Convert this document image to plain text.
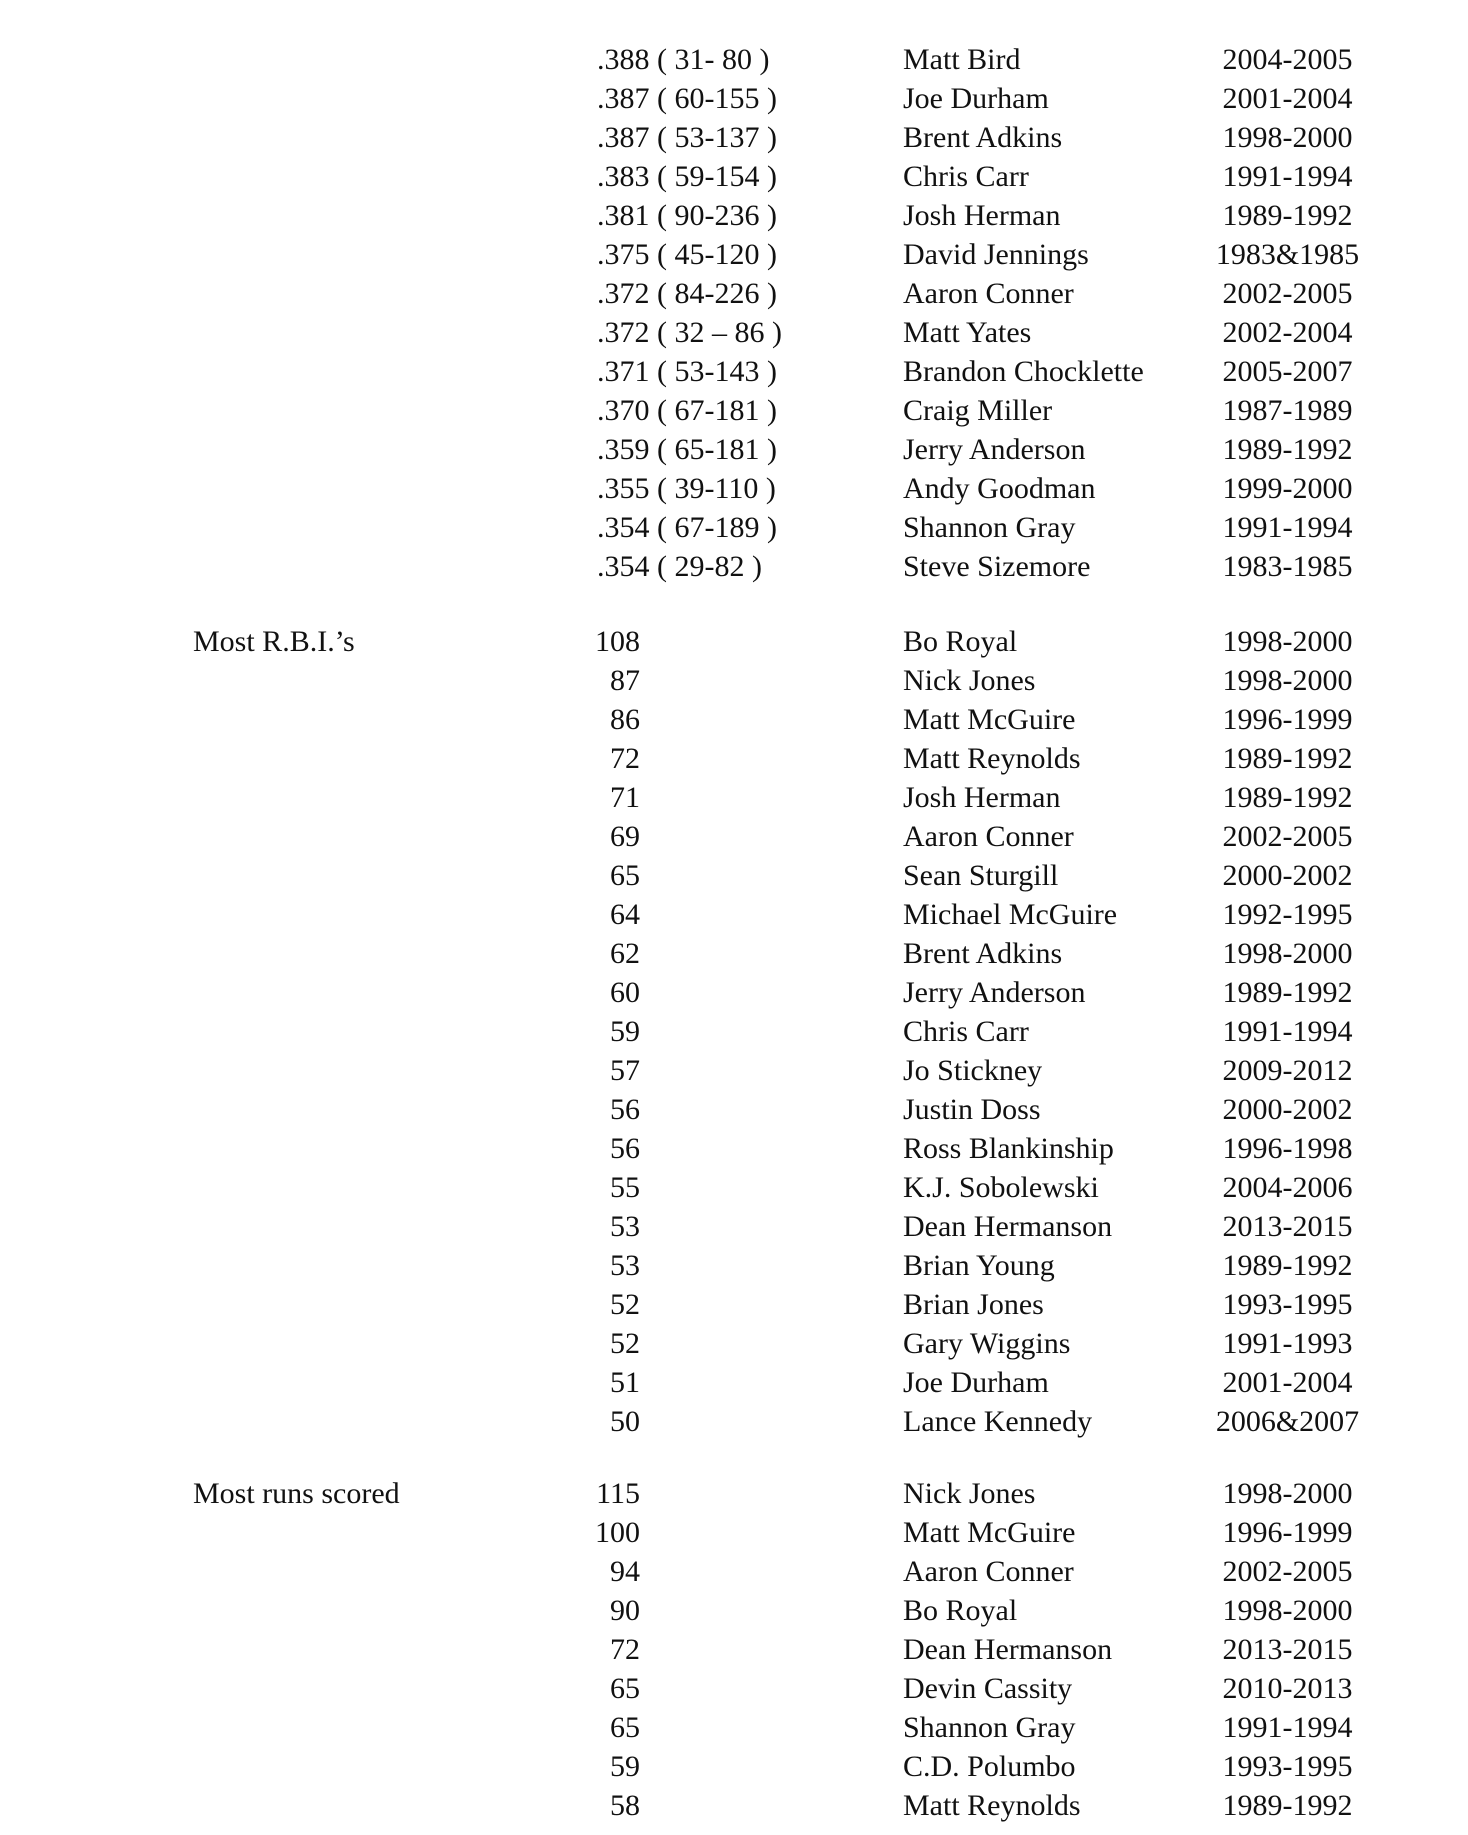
.388 ( 31- 80 )	Matt Bird	2004-2005
.387 ( 60-155 )	Joe Durham	2001-2004
.387 ( 53-137 )	Brent Adkins	1998-2000
.383 ( 59-154 )	Chris Carr	1991-1994
.381 ( 90-236 )	Josh Herman	1989-1992
.375 ( 45-120 )	David Jennings	1983&1985
.372 ( 84-226 )	Aaron Conner	2002-2005
.372 ( 32 – 86 )	Matt Yates	2002-2004
.371 ( 53-143 )	Brandon Chocklette	2005-2007
.370 ( 67-181 )	Craig Miller	1987-1989
.359 ( 65-181 )	Jerry Anderson	1989-1992
.355 ( 39-110 )	Andy Goodman	1999-2000
.354 ( 67-189 )	Shannon Gray	1991-1994
.354 ( 29-82 )	Steve Sizemore	1983-1985
Most R.B.I.’s	108	Bo Royal	1998-2000
87	Nick Jones	1998-2000
86	Matt McGuire	1996-1999
72	Matt Reynolds	1989-1992
71	Josh Herman	1989-1992
69	Aaron Conner	2002-2005
65	Sean Sturgill	2000-2002
64	Michael McGuire	1992-1995
62	Brent Adkins	1998-2000
60	Jerry Anderson	1989-1992
59	Chris Carr	1991-1994
57	Jo Stickney	2009-2012
56	Justin Doss	2000-2002
56	Ross Blankinship	1996-1998
55	K.J. Sobolewski	2004-2006
53	Dean Hermanson	2013-2015
53	Brian Young	1989-1992
52	Brian Jones	1993-1995
52	Gary Wiggins	1991-1993
51	Joe Durham	2001-2004
50	Lance Kennedy	2006&2007
Most runs scored	115	Nick Jones	1998-2000
100	Matt McGuire	1996-1999
94	Aaron Conner	2002-2005
90	Bo Royal	1998-2000
72	Dean Hermanson	2013-2015
65	Devin Cassity	2010-2013
65	Shannon Gray	1991-1994
59	C.D. Polumbo	1993-1995
58	Matt Reynolds	1989-1992
